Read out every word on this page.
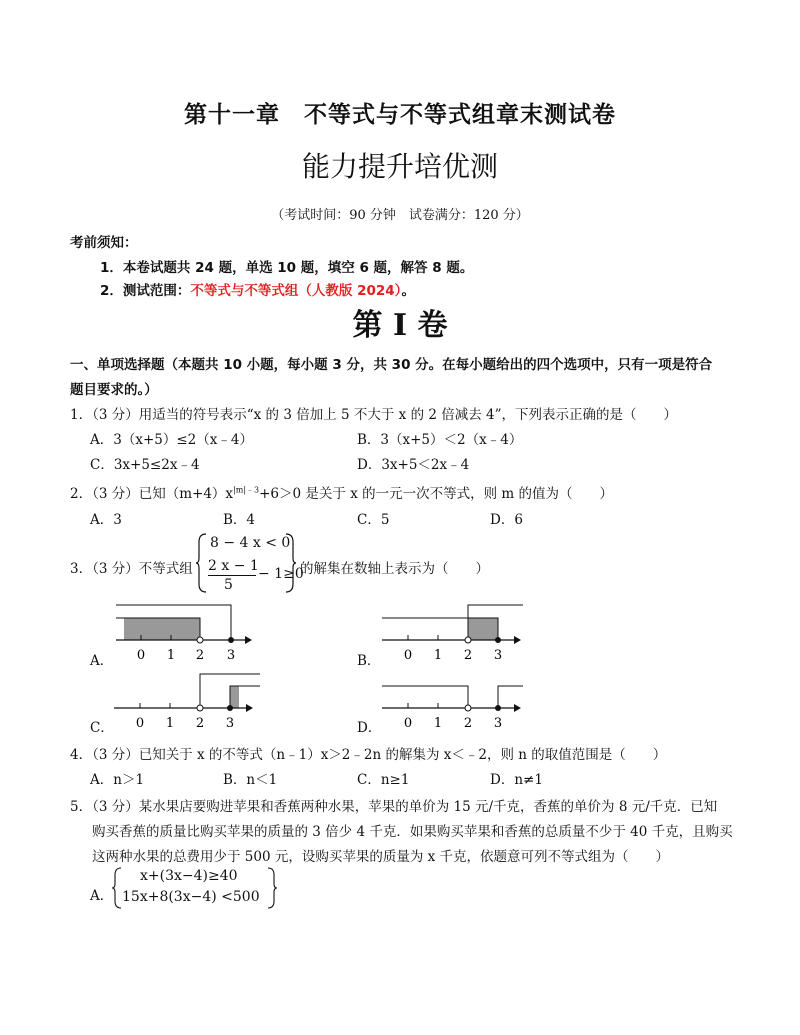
第十一章　不等式与不等式组章末测试卷
能力提升培优测
（考试时间：90 分钟　试卷满分：120 分）
考前须知：
1．本卷试题共 24 题，单选 10 题，填空 6 题，解答 8 题。
2．测试范围：不等式与不等式组（人教版 2024）。
第 Ⅰ 卷
一、单项选择题（本题共 10 小题，每小题 3 分，共 30 分。在每小题给出的四个选项中，只有一项是符合
题目要求的。）
1．（3 分）用适当的符号表示“x 的 3 倍加上 5 不大于 x 的 2 倍减去 4”，下列表示正确的是（　　）
A．3（x+5）≤2（x﹣4）	B．3（x+5）＜2（x﹣4）
C．3x+5≤2x﹣4	D．3x+5＜2x﹣4
2．（3 分）已知$(m+4)x^{|m|﹣3}+6>0$ 是关于 x 的一元一次不等式，则 m 的值为（　　）
A．3	B．4	C．5	D．6
3．（3 分）不等式组
8 − 4 x < 0
2 x − 1
5
− 1≥0
的解集在数轴上表示为（　　）
A． 0 1 2 3	B． 0 1 2 3
C． 0 1 2 3	D． 0 1 2 3
4．（3 分）已知关于 x 的不等式（n﹣1）x＞2﹣2n 的解集为 x＜﹣2，则 n 的取值范围是（　　）
A．n＞1	B．n＜1	C．n≥1	D．n≠1
5．（3 分）某水果店要购进苹果和香蕉两种水果，苹果的单价为 15 元/千克，香蕉的单价为 8 元/千克．已知
购买香蕉的质量比购买苹果的质量的 3 倍少 4 千克．如果购买苹果和香蕉的总质量不少于 40 千克，且购买
这两种水果的总费用少于 500 元，设购买苹果的质量为 x 千克，依题意可列不等式组为（　　）
A．
x+(3x−4)≥40
15x+8(3x−4) <500
